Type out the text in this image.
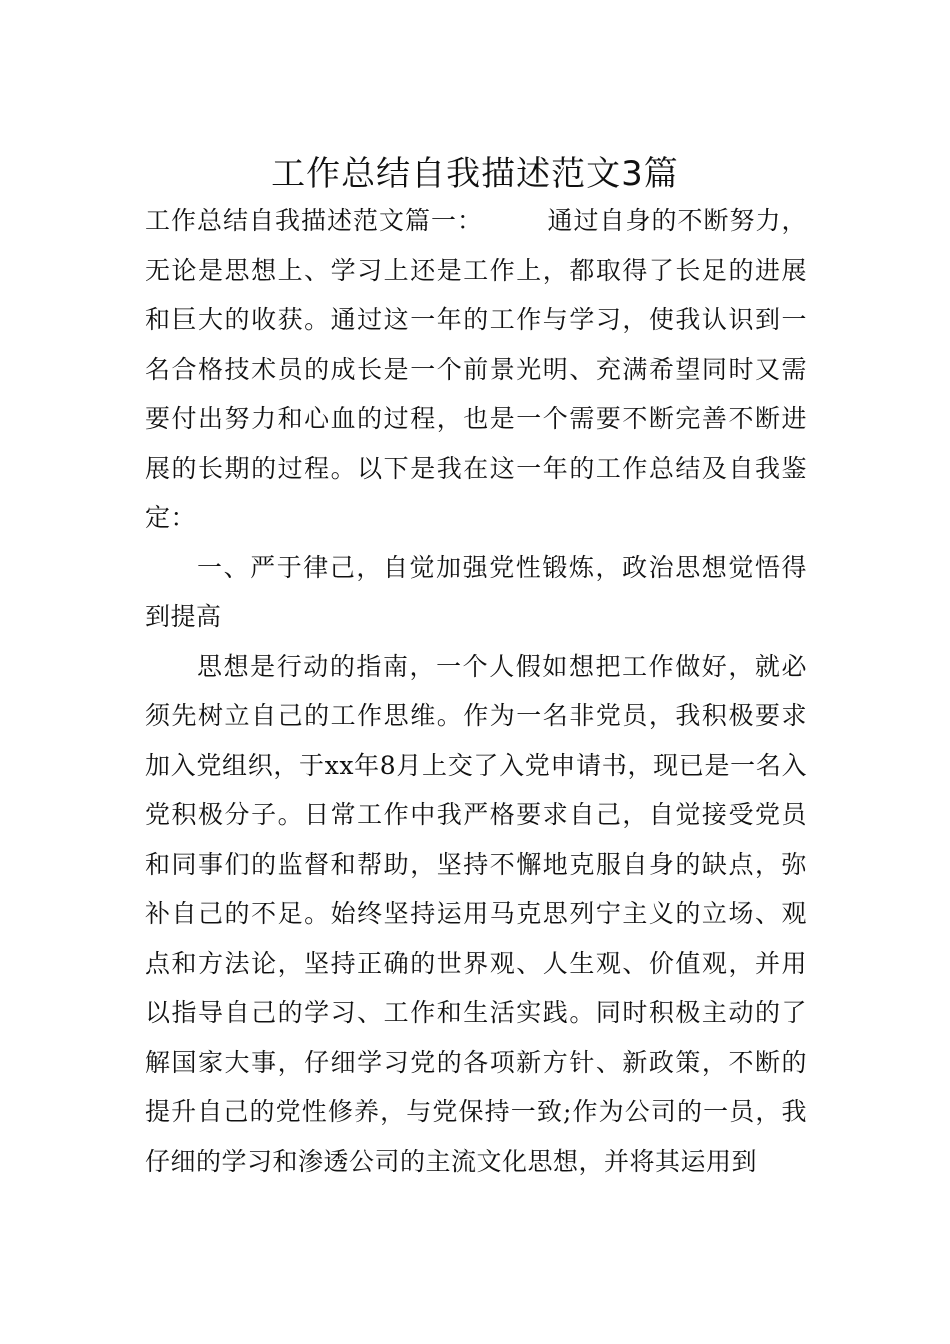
工作总结自我描述范文3篇

工作总结自我描述范文篇一：	通过自身的不断努力，无论是思想上、学习上还是工作上，都取得了长足的进展和巨大的收获。通过这一年的工作与学习，使我认识到一名合格技术员的成长是一个前景光明、充满希望同时又需要付出努力和心血的过程，也是一个需要不断完善不断进展的长期的过程。以下是我在这一年的工作总结及自我鉴定：

一、严于律己，自觉加强党性锻炼，政治思想觉悟得到提高

思想是行动的指南，一个人假如想把工作做好，就必须先树立自己的工作思维。作为一名非党员，我积极要求加入党组织，于xx年8月上交了入党申请书，现已是一名入党积极分子。日常工作中我严格要求自己，自觉接受党员和同事们的监督和帮助，坚持不懈地克服自身的缺点，弥补自己的不足。始终坚持运用马克思列宁主义的立场、观点和方法论，坚持正确的世界观、人生观、价值观，并用以指导自己的学习、工作和生活实践。同时积极主动的了解国家大事，仔细学习党的各项新方针、新政策，不断的提升自己的党性修养，与党保持一致;作为公司的一员，我仔细的学习和渗透公司的主流文化思想，并将其运用到
